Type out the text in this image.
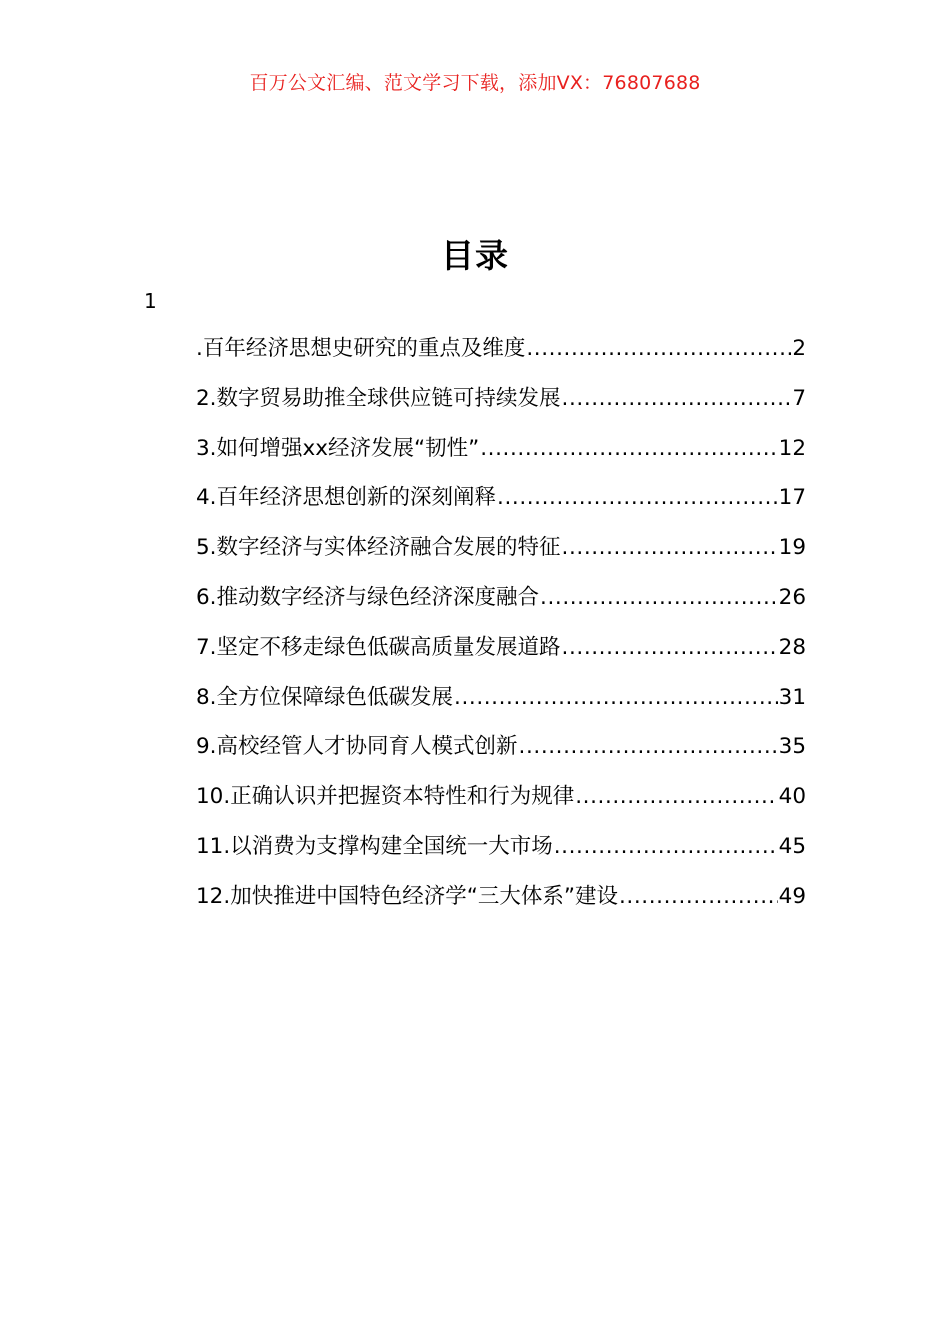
百万公文汇编、范文学习下载，添加VX：76807688
目录
1
.百年经济思想史研究的重点及维度 .....	2
2.数字贸易助推全球供应链可持续发展 .....	7
3.如何增强xx经济发展“韧性” .....	12
4.百年经济思想创新的深刻阐释 .....	17
5.数字经济与实体经济融合发展的特征 .....	19
6.推动数字经济与绿色经济深度融合 .....	26
7.坚定不移走绿色低碳高质量发展道路 .....	28
8.全方位保障绿色低碳发展 .....	31
9.高校经管人才协同育人模式创新 .....	35
10.正确认识并把握资本特性和行为规律 .....	40
11.以消费为支撑构建全国统一大市场 .....	45
12.加快推进中国特色经济学“三大体系”建设 .....	49
